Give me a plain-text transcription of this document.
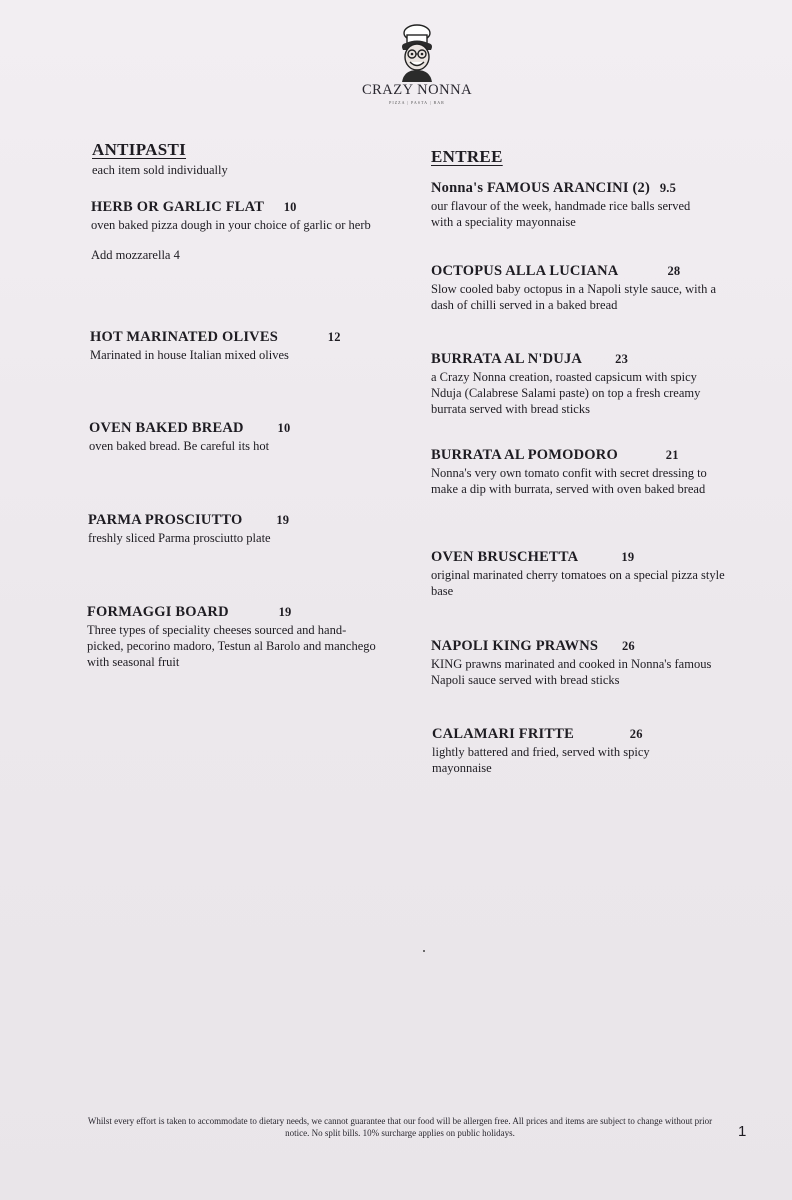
CRAZY NONNA
PIZZA | PASTA | BAR
ANTIPASTI
each item sold individually
HERB OR GARLIC FLAT 10
oven baked pizza dough in your choice of garlic or herb
Add mozzarella 4
HOT MARINATED OLIVES	12
Marinated in house Italian mixed olives
OVEN BAKED BREAD	10
oven baked bread. Be careful its hot
PARMA PROSCIUTTO	19
freshly sliced Parma prosciutto plate
FORMAGGI BOARD	19
Three types of speciality cheeses sourced and hand-picked, pecorino madoro, Testun al Barolo and manchego with seasonal fruit
ENTREE
Nonna's FAMOUS ARANCINI (2) 9.5
our flavour of the week, handmade rice balls served with a speciality mayonnaise
OCTOPUS ALLA LUCIANA	28
Slow cooled baby octopus in a Napoli style sauce, with a dash of chilli served in a baked bread
BURRATA AL N'DUJA	23
a Crazy Nonna creation, roasted capsicum with spicy Nduja (Calabrese Salami paste) on top a fresh creamy burrata served with bread sticks
BURRATA AL POMODORO	21
Nonna's very own tomato confit with secret dressing to make a dip with burrata, served with oven baked bread
OVEN BRUSCHETTA	19
original marinated cherry tomatoes on a special pizza style base
NAPOLI KING PRAWNS 26
KING prawns marinated and cooked in Nonna's famous Napoli sauce served with bread sticks
CALAMARI FRITTE	26
lightly battered and fried, served with spicy mayonnaise
Whilst every effort is taken to accommodate to dietary needs, we cannot guarantee that our food will be allergen free. All prices and items are subject to change without prior notice. No split bills. 10% surcharge applies on public holidays.	1
